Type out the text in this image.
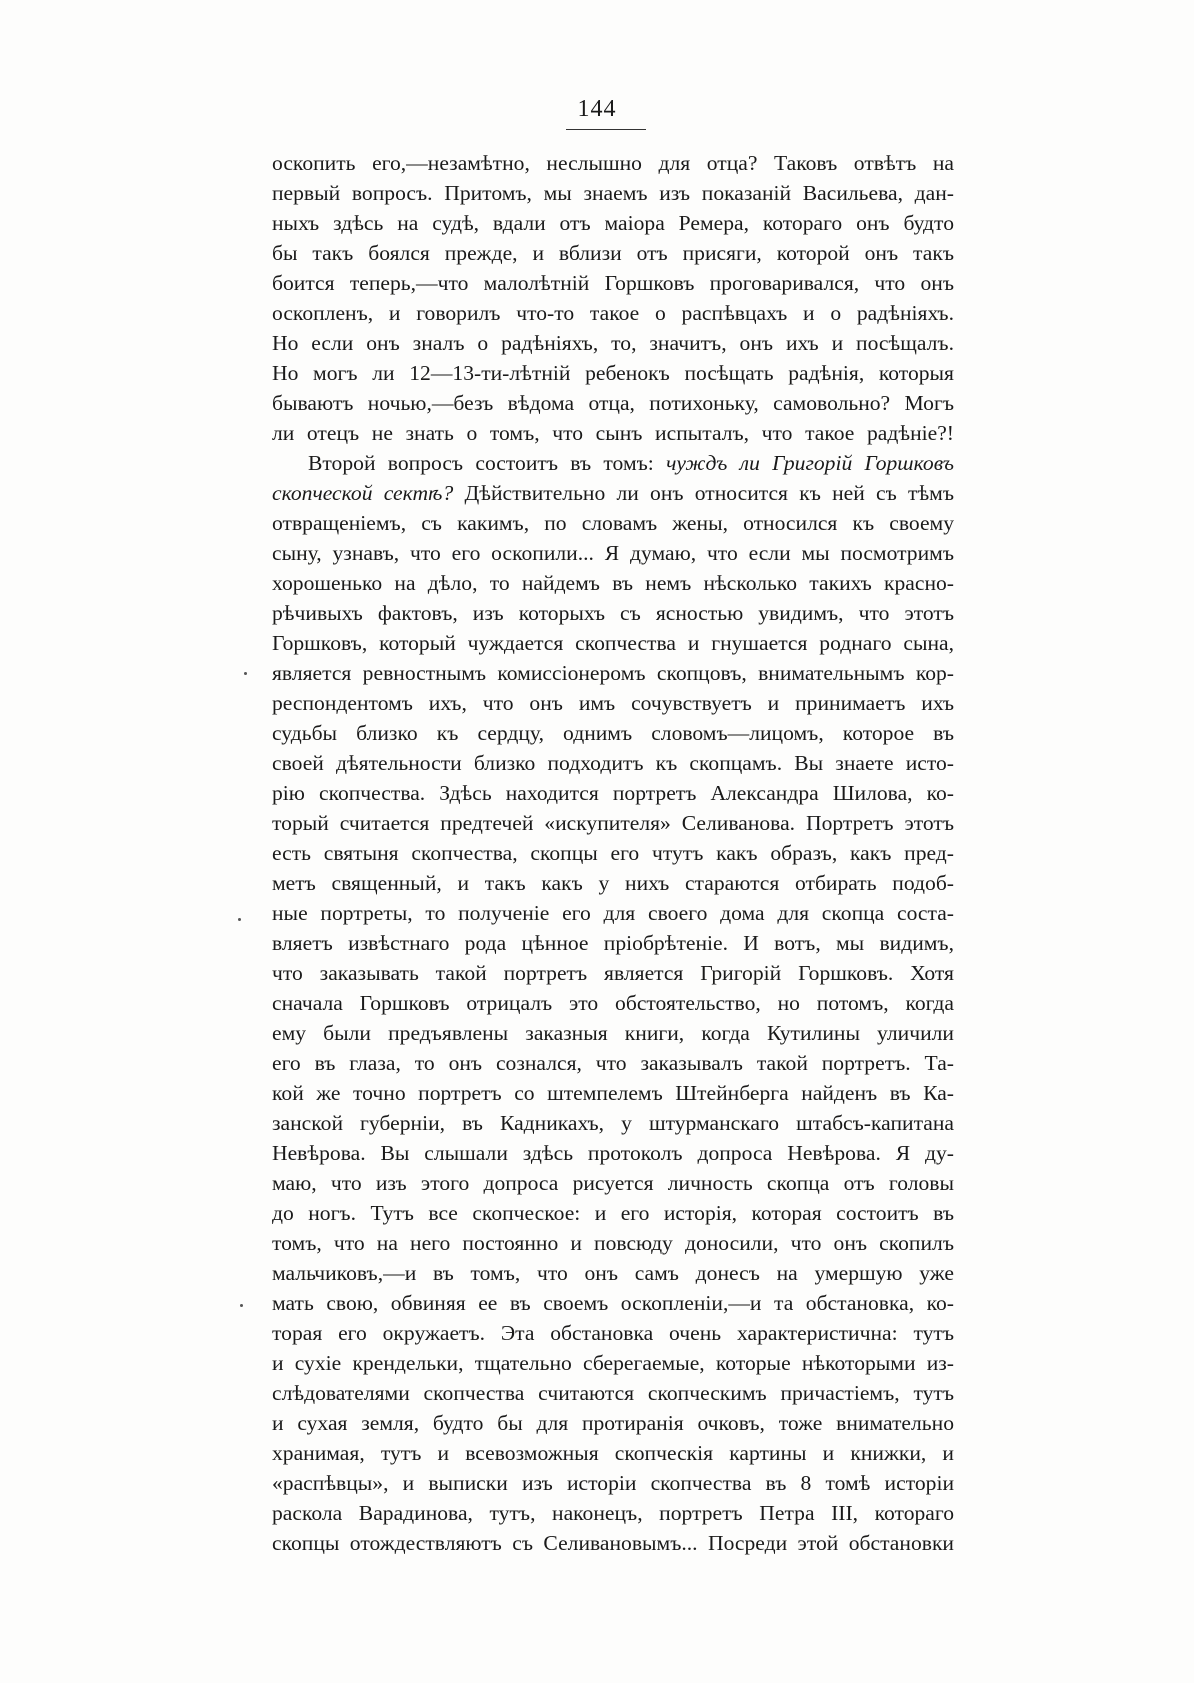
144
оскопить его,—незамѣтно, неслышно для отца? Таковъ отвѣтъ на
первый вопросъ. Притомъ, мы знаемъ изъ показаній Васильева, дан-
ныхъ здѣсь на судѣ, вдали отъ маіора Ремера, котораго онъ будто
бы такъ боялся прежде, и вблизи отъ присяги, которой онъ такъ
боится теперь,—что малолѣтній Горшковъ проговаривался, что онъ
оскопленъ, и говорилъ что-то такое о распѣвцахъ и о радѣніяхъ.
Но если онъ зналъ о радѣніяхъ, то, значитъ, онъ ихъ и посѣщалъ.
Но могъ ли 12—13-ти-лѣтній ребенокъ посѣщать радѣнія, которыя
бываютъ ночью,—безъ вѣдома отца, потихоньку, самовольно? Могъ
ли отецъ не знать о томъ, что сынъ испыталъ, что такое радѣніе?!
Второй вопросъ состоитъ въ томъ: чуждъ ли Григорій Горшковъ
скопческой сектѣ? Дѣйствительно ли онъ относится къ ней съ тѣмъ
отвращеніемъ, съ какимъ, по словамъ жены, относился къ своему
сыну, узнавъ, что его оскопили... Я думаю, что если мы посмотримъ
хорошенько на дѣло, то найдемъ въ немъ нѣсколько такихъ красно-
рѣчивыхъ фактовъ, изъ которыхъ съ ясностью увидимъ, что этотъ
Горшковъ, который чуждается скопчества и гнушается роднаго сына,
является ревностнымъ комиссіонеромъ скопцовъ, внимательнымъ кор-
респондентомъ ихъ, что онъ имъ сочувствуетъ и принимаетъ ихъ
судьбы близко къ сердцу, однимъ словомъ—лицомъ, которое въ
своей дѣятельности близко подходитъ къ скопцамъ. Вы знаете исто-
рію скопчества. Здѣсь находится портретъ Александра Шилова, ко-
торый считается предтечей «искупителя» Селиванова. Портретъ этотъ
есть святыня скопчества, скопцы его чтутъ какъ образъ, какъ пред-
метъ священный, и такъ какъ у нихъ стараются отбирать подоб-
ные портреты, то полученіе его для своего дома для скопца соста-
вляетъ извѣстнаго рода цѣнное пріобрѣтеніе. И вотъ, мы видимъ,
что заказывать такой портретъ является Григорій Горшковъ. Хотя
сначала Горшковъ отрицалъ это обстоятельство, но потомъ, когда
ему были предъявлены заказныя книги, когда Кутилины уличили
его въ глаза, то онъ сознался, что заказывалъ такой портретъ. Та-
кой же точно портретъ со штемпелемъ Штейнберга найденъ въ Ка-
занской губерніи, въ Кадникахъ, у штурманскаго штабсъ-капитана
Невѣрова. Вы слышали здѣсь протоколъ допроса Невѣрова. Я ду-
маю, что изъ этого допроса рисуется личность скопца отъ головы
до ногъ. Тутъ все скопческое: и его исторія, которая состоитъ въ
томъ, что на него постоянно и повсюду доносили, что онъ скопилъ
мальчиковъ,—и въ томъ, что онъ самъ донесъ на умершую уже
мать свою, обвиняя ее въ своемъ оскопленіи,—и та обстановка, ко-
торая его окружаетъ. Эта обстановка очень характеристична: тутъ
и сухіе крендельки, тщательно сберегаемые, которые нѣкоторыми из-
слѣдователями скопчества считаются скопческимъ причастіемъ, тутъ
и сухая земля, будто бы для протиранія очковъ, тоже внимательно
хранимая, тутъ и всевозможныя скопческія картины и книжки, и
«распѣвцы», и выписки изъ исторіи скопчества въ 8 томѣ исторіи
раскола Варадинова, тутъ, наконецъ, портретъ Петра III, котораго
скопцы отождествляютъ съ Селивановымъ... Посреди этой обстановки
